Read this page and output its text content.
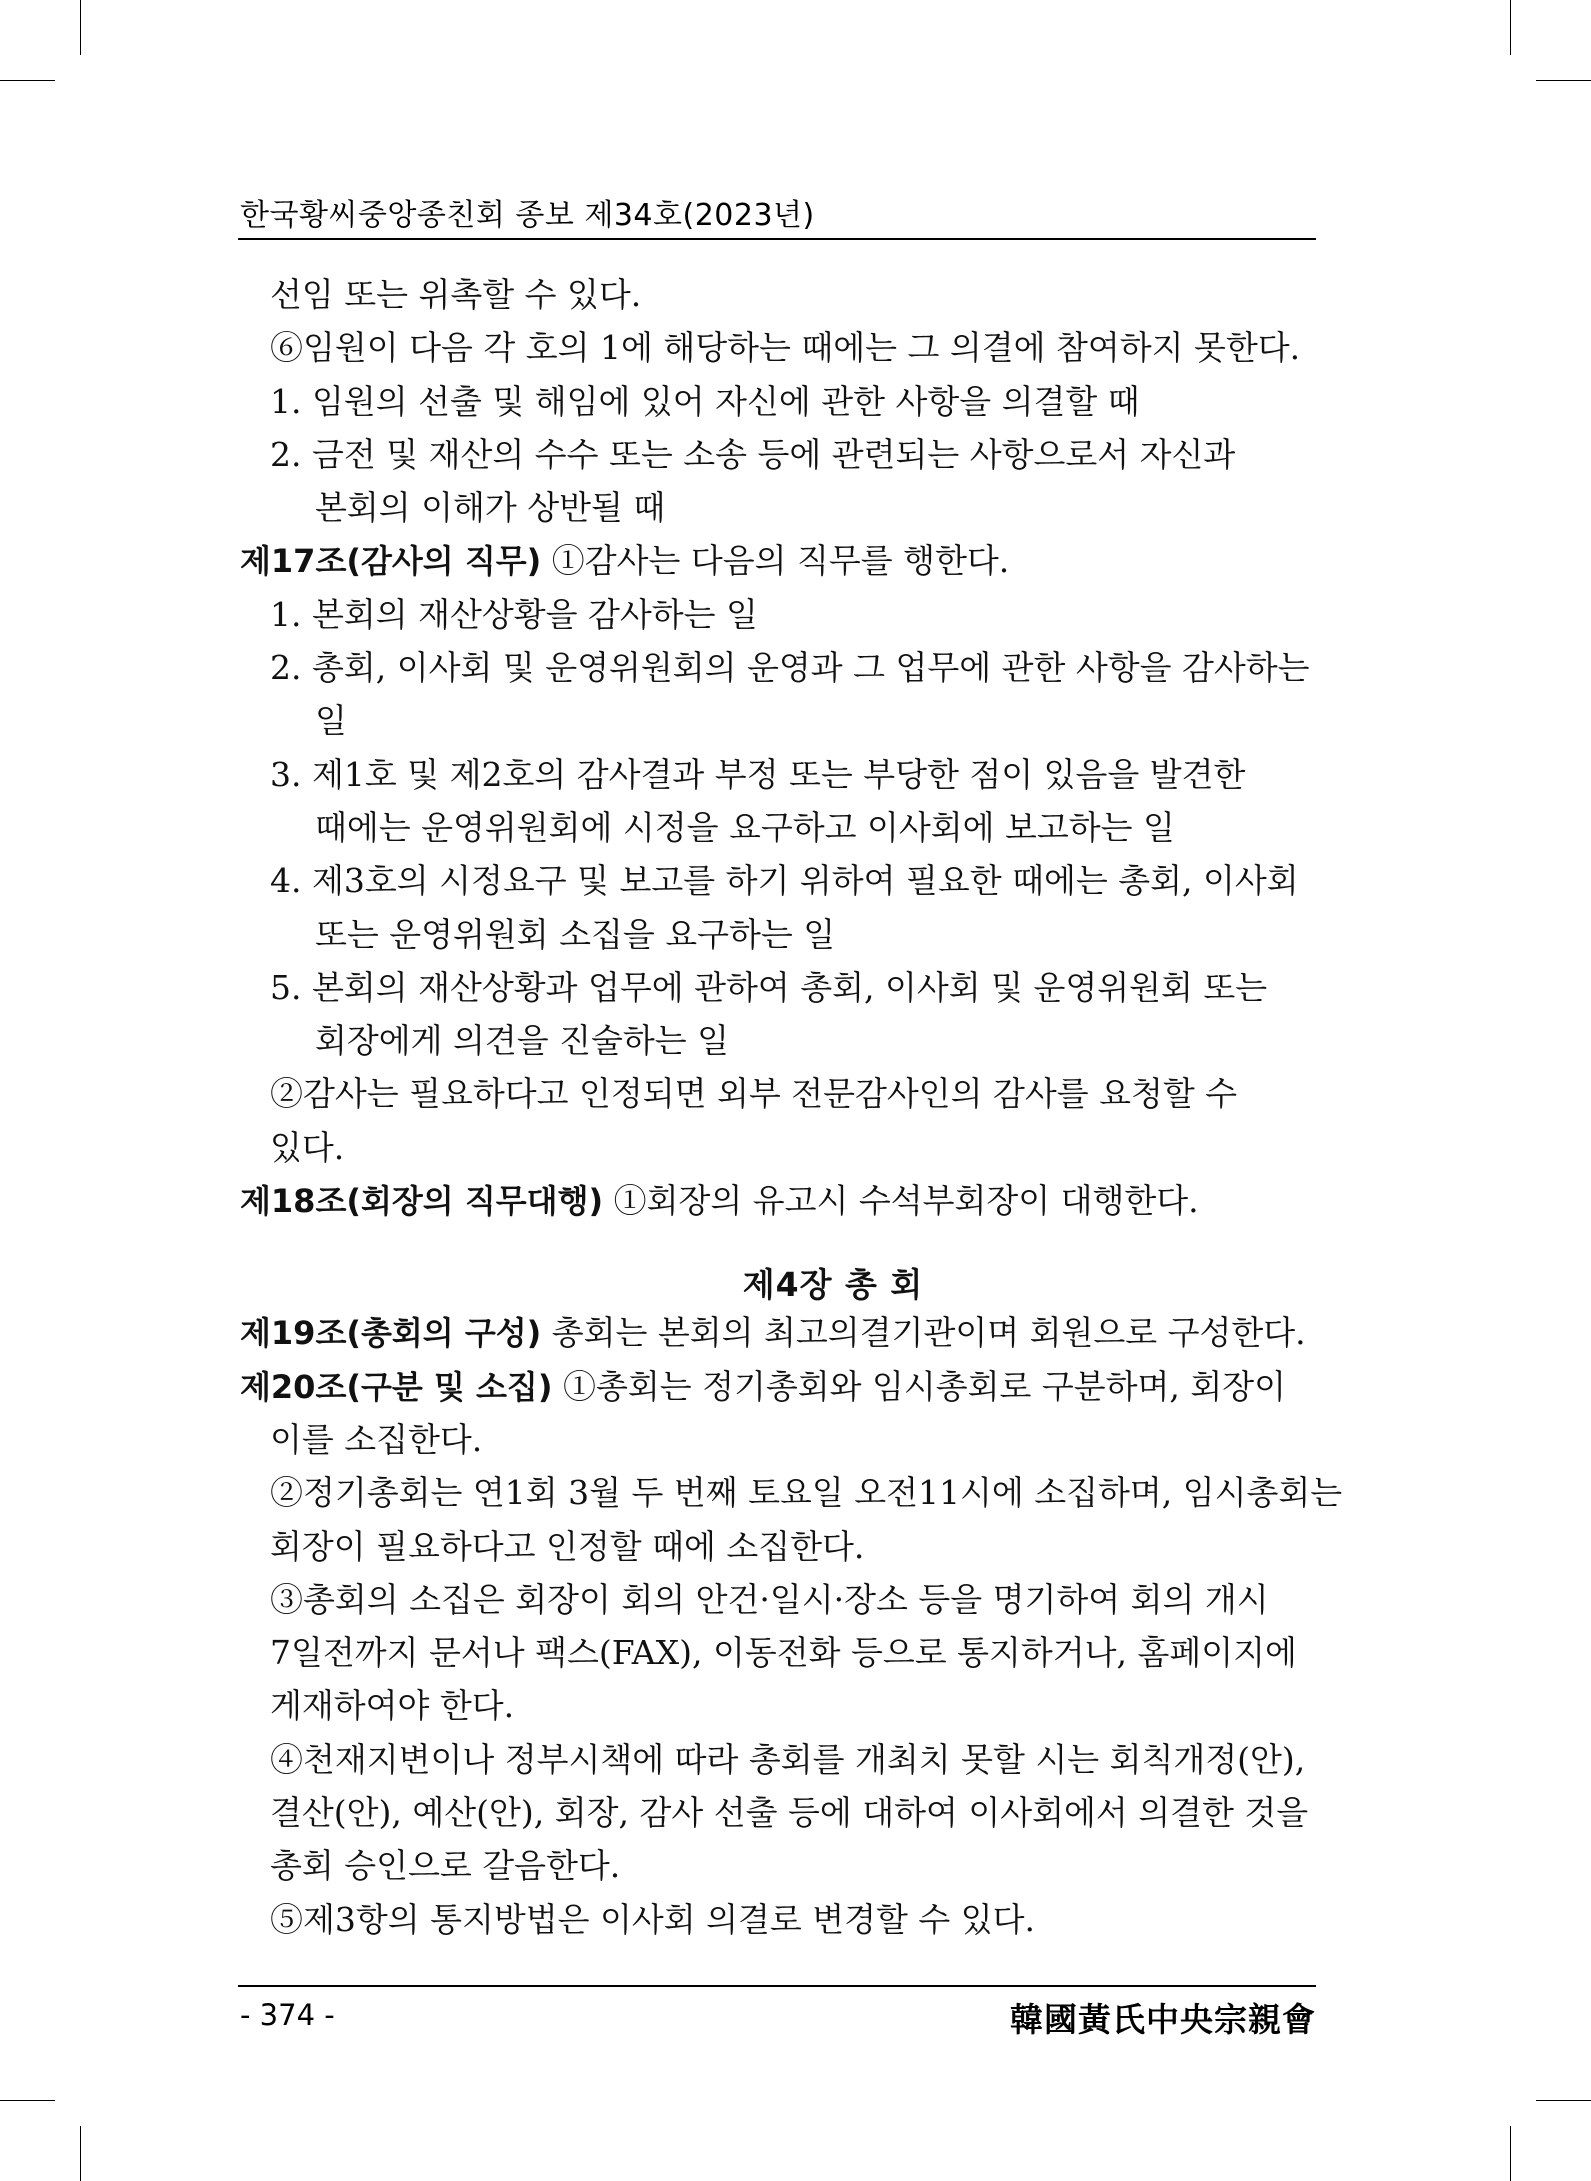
한국황씨중앙종친회 종보 제34호(2023년)
선임 또는 위촉할 수 있다.
⑥임원이 다음 각 호의 1에 해당하는 때에는 그 의결에 참여하지 못한다.
1. 임원의 선출 및 해임에 있어 자신에 관한 사항을 의결할 때
2. 금전 및 재산의 수수 또는 소송 등에 관련되는 사항으로서 자신과
본회의 이해가 상반될 때
제17조(감사의 직무) ①감사는 다음의 직무를 행한다.
1. 본회의 재산상황을 감사하는 일
2. 총회, 이사회 및 운영위원회의 운영과 그 업무에 관한 사항을 감사하는
일
3. 제1호 및 제2호의 감사결과 부정 또는 부당한 점이 있음을 발견한
때에는 운영위원회에 시정을 요구하고 이사회에 보고하는 일
4. 제3호의 시정요구 및 보고를 하기 위하여 필요한 때에는 총회, 이사회
또는 운영위원회 소집을 요구하는 일
5. 본회의 재산상황과 업무에 관하여 총회, 이사회 및 운영위원회 또는
회장에게 의견을 진술하는 일
②감사는 필요하다고 인정되면 외부 전문감사인의 감사를 요청할 수
있다.
제18조(회장의 직무대행) ①회장의 유고시 수석부회장이 대행한다.
제4장 총 회
제19조(총회의 구성) 총회는 본회의 최고의결기관이며 회원으로 구성한다.
제20조(구분 및 소집) ①총회는 정기총회와 임시총회로 구분하며, 회장이
이를 소집한다.
②정기총회는 연1회 3월 두 번째 토요일 오전11시에 소집하며, 임시총회는
회장이 필요하다고 인정할 때에 소집한다.
③총회의 소집은 회장이 회의 안건·일시·장소 등을 명기하여 회의 개시
7일전까지 문서나 팩스(FAX), 이동전화 등으로 통지하거나, 홈페이지에
게재하여야 한다.
④천재지변이나 정부시책에 따라 총회를 개최치 못할 시는 회칙개정(안),
결산(안), 예산(안), 회장, 감사 선출 등에 대하여 이사회에서 의결한 것을
총회 승인으로 갈음한다.
⑤제3항의 통지방법은 이사회 의결로 변경할 수 있다.
- 374 -	韓國黃氏中央宗親會
